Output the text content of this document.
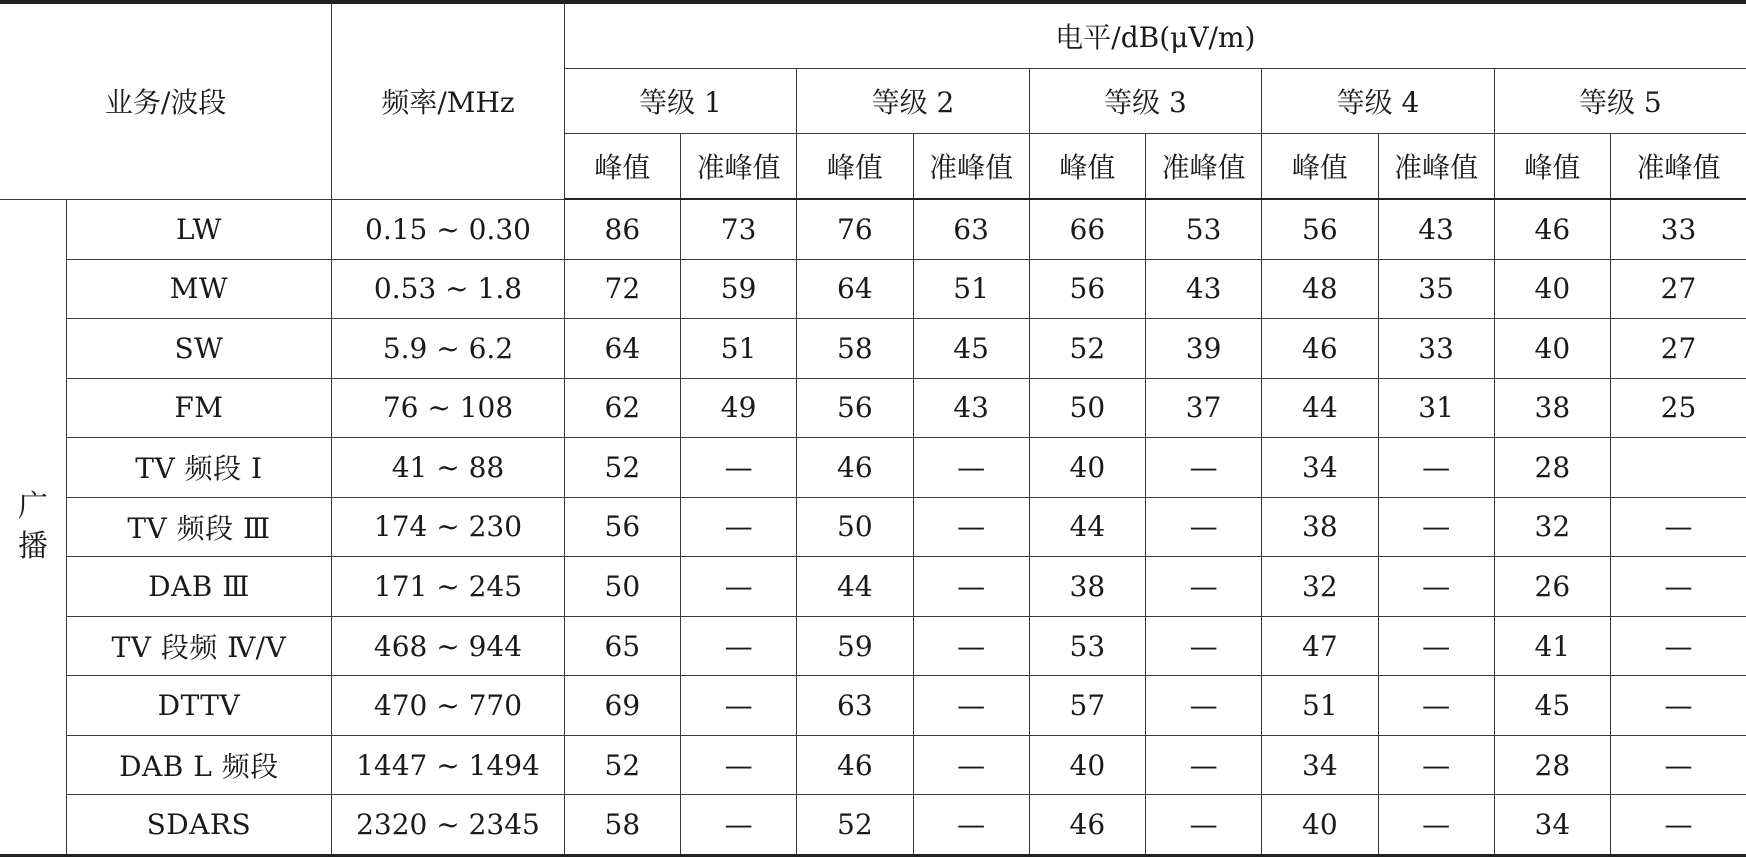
业务/波段		频率/MHz	电平/dB(μV/m)									
			等级 1		等级 2		等级 3		等级 4		等级 5	
			峰值	准峰值	峰值	准峰值	峰值	准峰值	峰值	准峰值	峰值	准峰值

广
播	LW	0.15 ~ 0.30	86	73	76	63	66	53	56	43	46	33
	MW	0.53 ~ 1.8	72	59	64	51	56	43	48	35	40	27
	SW	5.9 ~ 6.2	64	51	58	45	52	39	46	33	40	27
	FM	76 ~ 108	62	49	56	43	50	37	44	31	38	25
	TV 频段 Ⅰ	41 ~ 88	52	—	46	—	40	—	34	—	28	
	TV 频段 Ⅲ	174 ~ 230	56	—	50	—	44	—	38	—	32	—
	DAB Ⅲ	171 ~ 245	50	—	44	—	38	—	32	—	26	—
	TV 段频 Ⅳ/Ⅴ	468 ~ 944	65	—	59	—	53	—	47	—	41	—
	DTTV	470 ~ 770	69	—	63	—	57	—	51	—	45	—
	DAB L 频段	1447 ~ 1494	52	—	46	—	40	—	34	—	28	—
	SDARS	2320 ~ 2345	58	—	52	—	46	—	40	—	34	—
